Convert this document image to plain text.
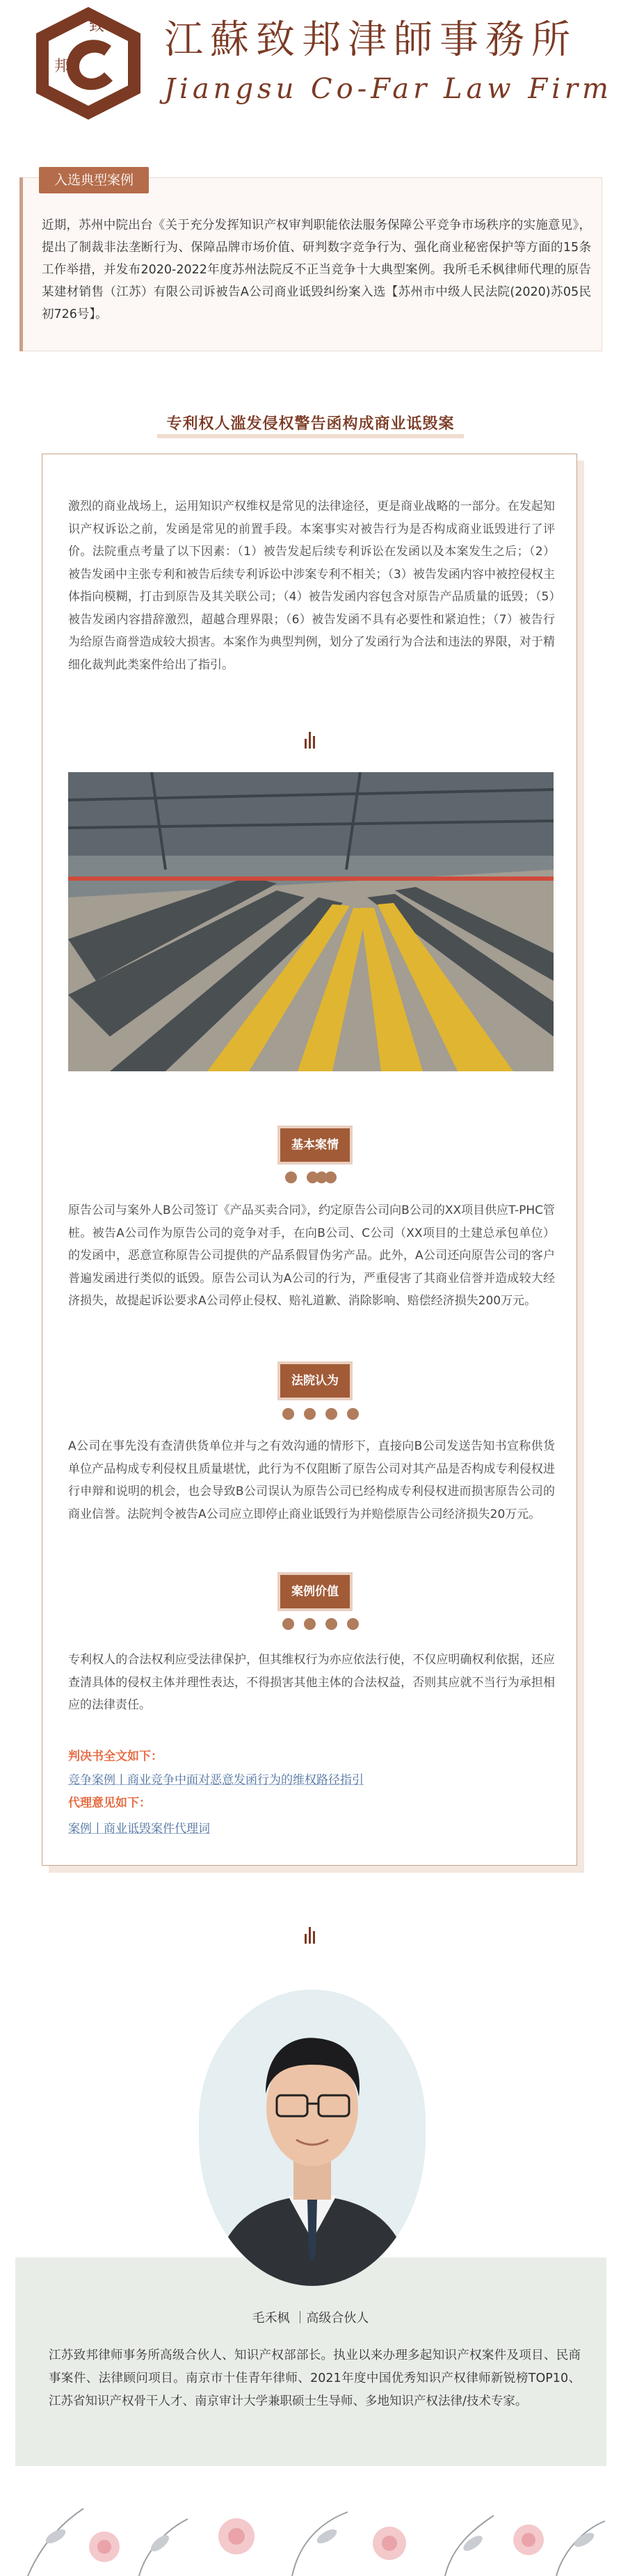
致
邦
江蘇致邦津師事務所
Jiangsu Co-Far Law Firm
入选典型案例
近期，苏州中院出台《关于充分发挥知识产权审判职能依法服务保障公平竞争市场秩序的实施意见》，提出了制裁非法垄断行为、保障品牌市场价值、研判数字竞争行为、强化商业秘密保护等方面的15条工作举措，并发布2020-2022年度苏州法院反不正当竞争十大典型案例。我所毛禾枫律师代理的原告某建材销售（江苏）有限公司诉被告A公司商业诋毁纠纷案入选【苏州市中级人民法院(2020)苏05民初726号】。
专利权人滥发侵权警告函构成商业诋毁案
激烈的商业战场上，运用知识产权维权是常见的法律途径，更是商业战略的一部分。在发起知识产权诉讼之前，发函是常见的前置手段。本案事实对被告行为是否构成商业诋毁进行了评价。法院重点考量了以下因素：（1）被告发起后续专利诉讼在发函以及本案发生之后；（2）被告发函中主张专利和被告后续专利诉讼中涉案专利不相关；（3）被告发函内容中被控侵权主体指向模糊，打击到原告及其关联公司；（4）被告发函内容包含对原告产品质量的诋毁；（5）被告发函内容措辞激烈，超越合理界限；（6）被告发函不具有必要性和紧迫性；（7）被告行为给原告商誉造成较大损害。本案作为典型判例，划分了发函行为合法和违法的界限，对于精细化裁判此类案件给出了指引。
基本案情
原告公司与案外人B公司签订《产品买卖合同》，约定原告公司向B公司的XX项目供应T-PHC管桩。被告A公司作为原告公司的竞争对手，在向B公司、C公司（XX项目的土建总承包单位）的发函中，恶意宣称原告公司提供的产品系假冒伪劣产品。此外，A公司还向原告公司的客户普遍发函进行类似的诋毁。原告公司认为A公司的行为，严重侵害了其商业信誉并造成较大经济损失，故提起诉讼要求A公司停止侵权、赔礼道歉、消除影响、赔偿经济损失200万元。
法院认为
A公司在事先没有查清供货单位并与之有效沟通的情形下，直接向B公司发送告知书宣称供货单位产品构成专利侵权且质量堪忧，此行为不仅阻断了原告公司对其产品是否构成专利侵权进行申辩和说明的机会，也会导致B公司误认为原告公司已经构成专利侵权进而损害原告公司的商业信誉。法院判令被告A公司应立即停止商业诋毁行为并赔偿原告公司经济损失20万元。
案例价值
专利权人的合法权利应受法律保护，但其维权行为亦应依法行使，不仅应明确权利依据，还应查清具体的侵权主体并理性表达，不得损害其他主体的合法权益，否则其应就不当行为承担相应的法律责任。
判决书全文如下：
竞争案例丨商业竞争中面对恶意发函行为的维权路径指引
代理意见如下：
案例丨商业诋毁案件代理词
毛禾枫 ｜高级合伙人
江苏致邦律师事务所高级合伙人、知识产权部部长。执业以来办理多起知识产权案件及项目、民商事案件、法律顾问项目。南京市十佳青年律师、2021年度中国优秀知识产权律师新锐榜TOP10、江苏省知识产权骨干人才、南京审计大学兼职硕士生导师、多地知识产权法律/技术专家。
